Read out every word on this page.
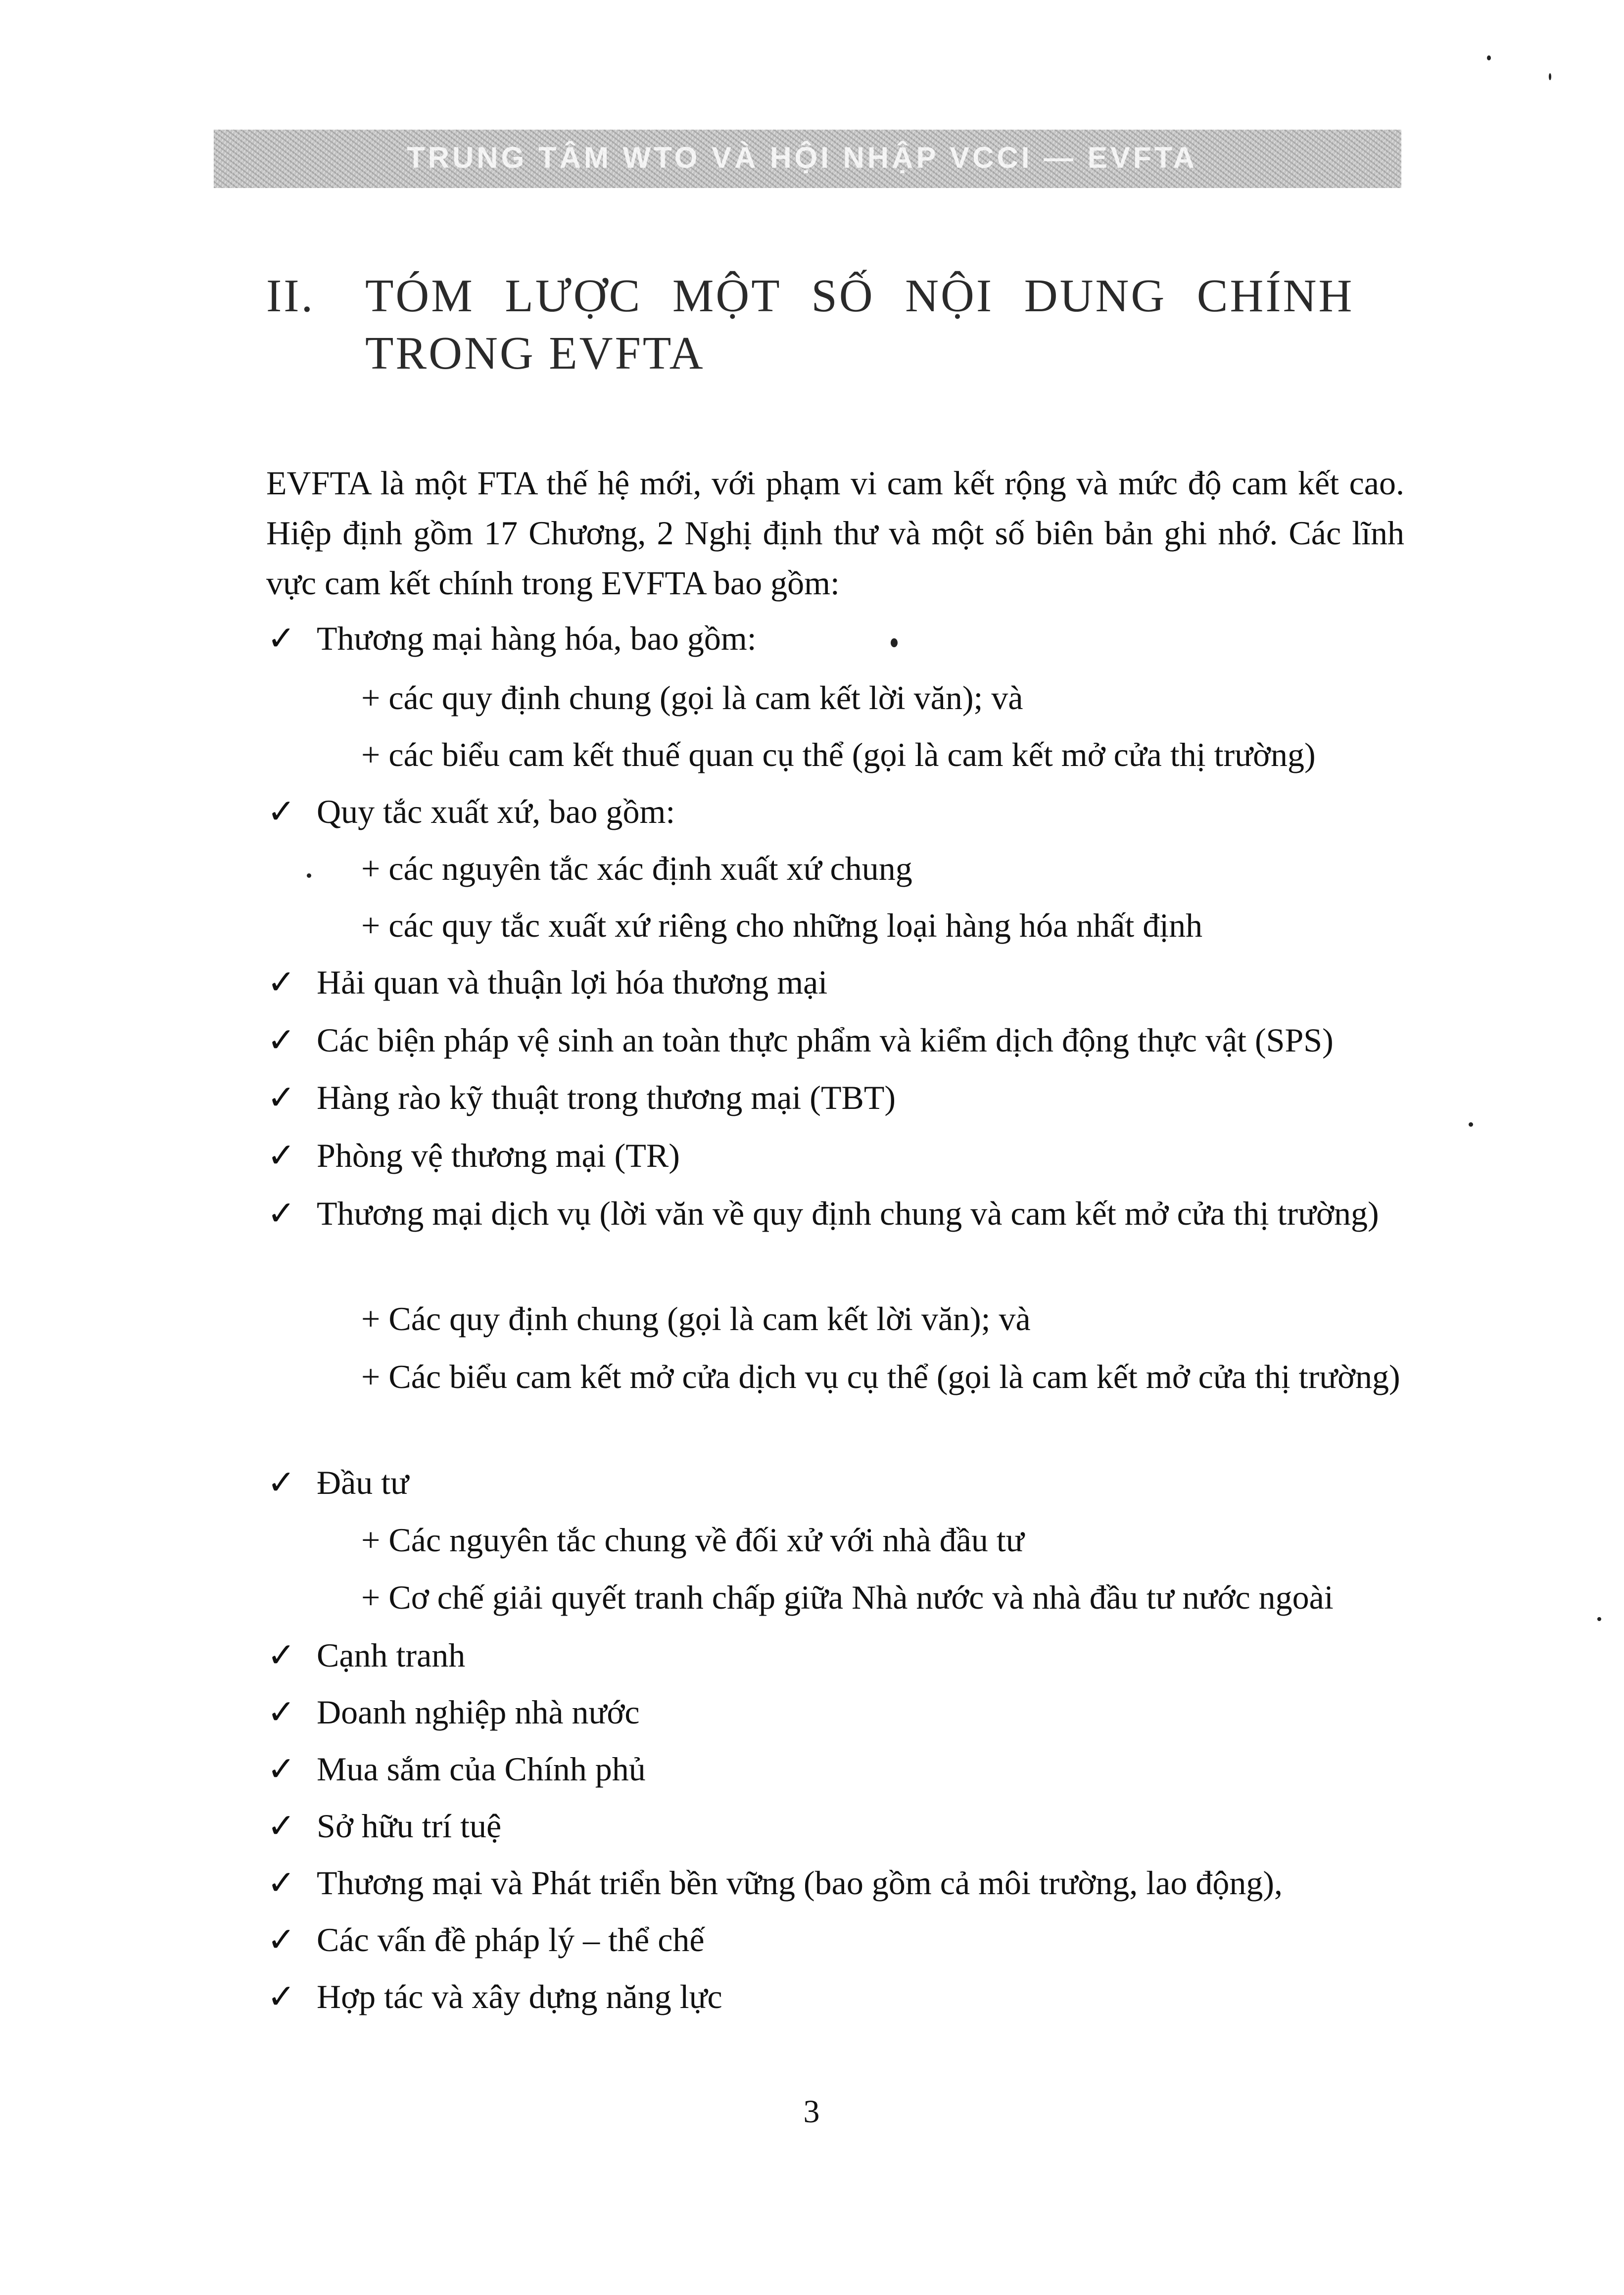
TRUNG TÂM WTO VÀ HỘI NHẬP VCCI — EVFTA
II. TÓM LƯỢC MỘT SỐ NỘI DUNG CHÍNH
TRONG EVFTA
EVFTA là một FTA thế hệ mới, với phạm vi cam kết rộng và mức độ cam kết cao. Hiệp định gồm 17 Chương, 2 Nghị định thư và một số biên bản ghi nhớ. Các lĩnh vực cam kết chính trong EVFTA bao gồm:
✓ Thương mại hàng hóa, bao gồm:
+ các quy định chung (gọi là cam kết lời văn); và
+ các biểu cam kết thuế quan cụ thể (gọi là cam kết mở cửa thị trường)
✓ Quy tắc xuất xứ, bao gồm:
+ các nguyên tắc xác định xuất xứ chung
+ các quy tắc xuất xứ riêng cho những loại hàng hóa nhất định
✓ Hải quan và thuận lợi hóa thương mại
✓ Các biện pháp vệ sinh an toàn thực phẩm và kiểm dịch động thực vật (SPS)
✓ Hàng rào kỹ thuật trong thương mại (TBT)
✓ Phòng vệ thương mại (TR)
✓ Thương mại dịch vụ (lời văn về quy định chung và cam kết mở cửa thị trường)
+ Các quy định chung (gọi là cam kết lời văn); và
+ Các biểu cam kết mở cửa dịch vụ cụ thể (gọi là cam kết mở cửa thị trường)
✓ Đầu tư
+ Các nguyên tắc chung về đối xử với nhà đầu tư
+ Cơ chế giải quyết tranh chấp giữa Nhà nước và nhà đầu tư nước ngoài
✓ Cạnh tranh
✓ Doanh nghiệp nhà nước
✓ Mua sắm của Chính phủ
✓ Sở hữu trí tuệ
✓ Thương mại và Phát triển bền vững (bao gồm cả môi trường, lao động),
✓ Các vấn đề pháp lý – thể chế
✓ Hợp tác và xây dựng năng lực
3
